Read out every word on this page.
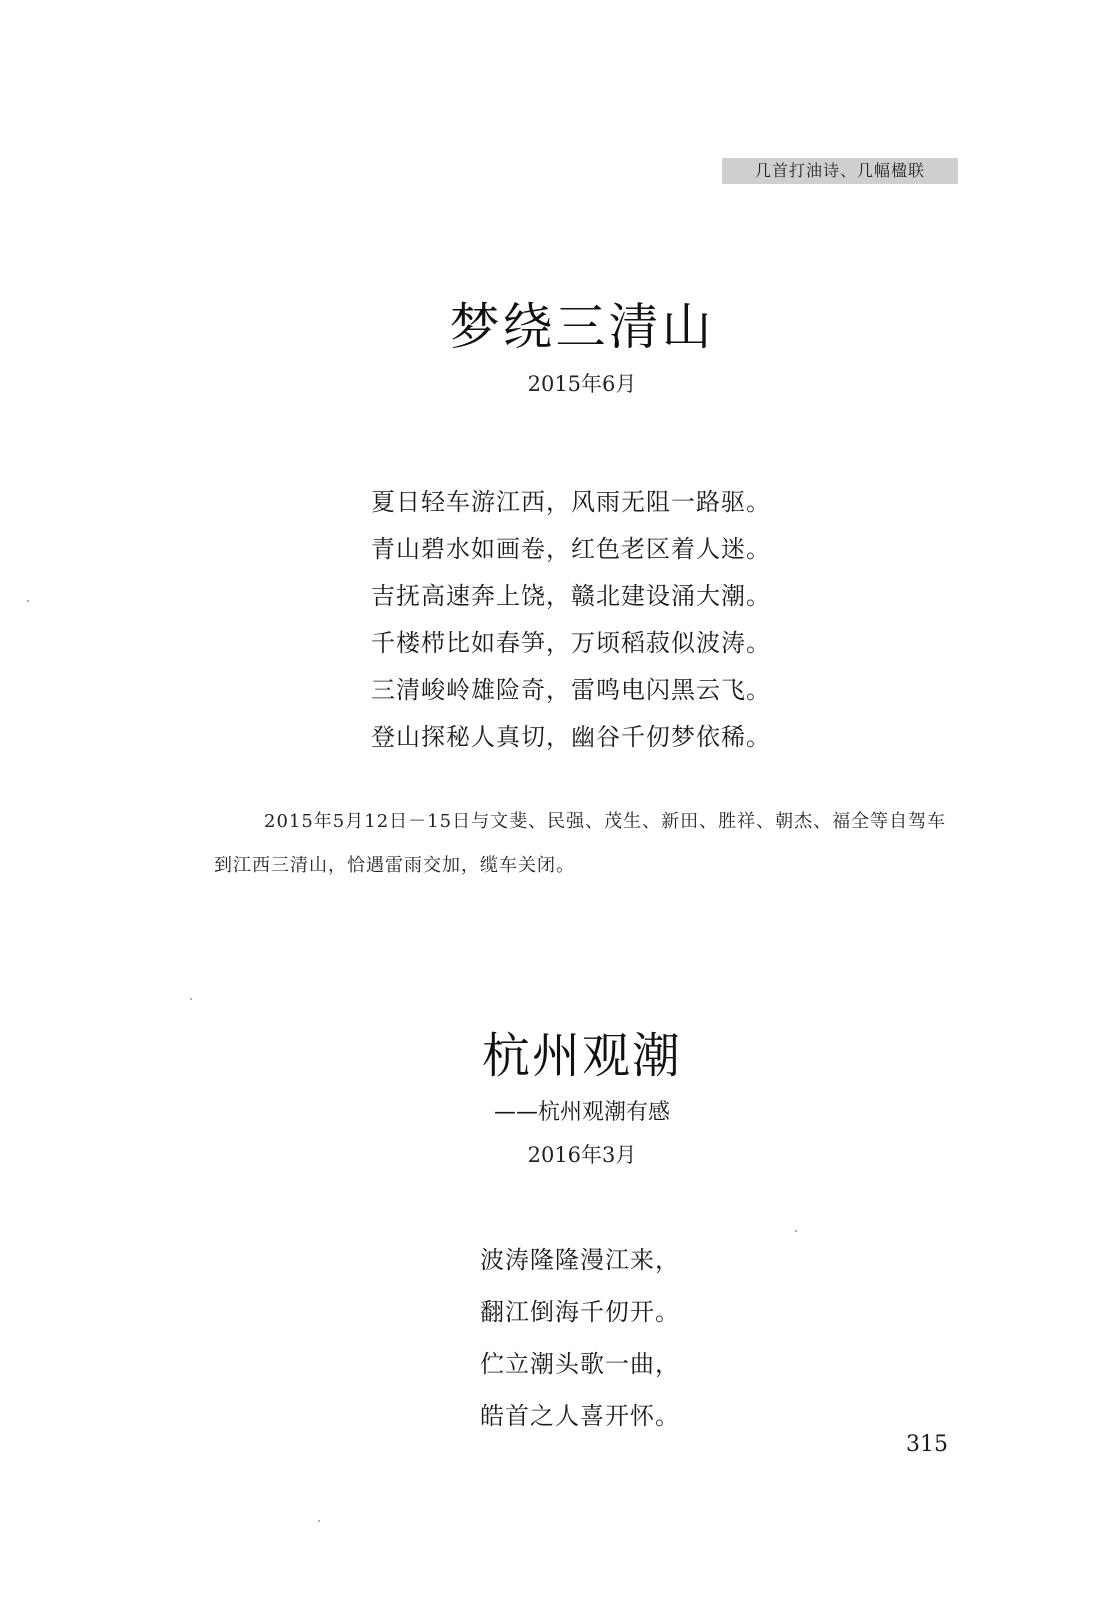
几首打油诗、几幅楹联
梦绕三清山
2015年6月
夏日轻车游江西，风雨无阻一路驱。
青山碧水如画卷，红色老区着人迷。
吉抚高速奔上饶，赣北建设涌大潮。
千楼栉比如春笋，万顷稻菽似波涛。
三清峻岭雄险奇，雷鸣电闪黑云飞。
登山探秘人真切，幽谷千仞梦依稀。
2015年5月12日－15日与文斐、民强、茂生、新田、胜祥、朝杰、福全等自驾车到江西三清山，恰遇雷雨交加，缆车关闭。
杭州观潮
——杭州观潮有感
2016年3月
波涛隆隆漫江来，
翻江倒海千仞开。
伫立潮头歌一曲，
皓首之人喜开怀。
315
